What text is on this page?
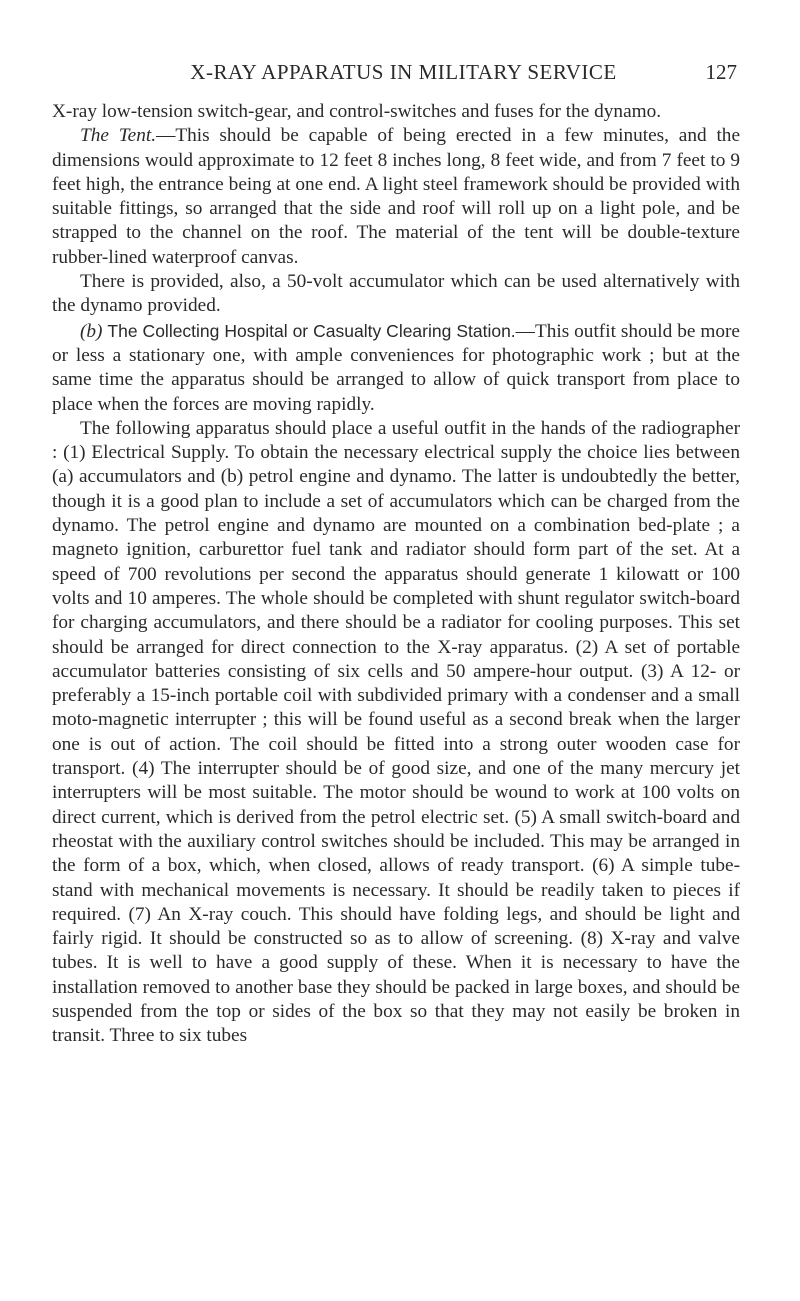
X-RAY APPARATUS IN MILITARY SERVICE	127

X-ray low-tension switch-gear, and control-switches and fuses for the dynamo.

The Tent.—This should be capable of being erected in a few minutes, and the dimensions would approximate to 12 feet 8 inches long, 8 feet wide, and from 7 feet to 9 feet high, the entrance being at one end. A light steel framework should be provided with suitable fittings, so arranged that the side and roof will roll up on a light pole, and be strapped to the channel on the roof. The material of the tent will be double-texture rubber-lined waterproof canvas.

There is provided, also, a 50-volt accumulator which can be used alternatively with the dynamo provided.

(b) The Collecting Hospital or Casualty Clearing Station.—This outfit should be more or less a stationary one, with ample conveniences for photographic work ; but at the same time the apparatus should be arranged to allow of quick transport from place to place when the forces are moving rapidly.

The following apparatus should place a useful outfit in the hands of the radiographer : (1) Electrical Supply. To obtain the necessary electrical supply the choice lies between (a) accumulators and (b) petrol engine and dynamo. The latter is undoubtedly the better, though it is a good plan to include a set of accumulators which can be charged from the dynamo. The petrol engine and dynamo are mounted on a combination bed-plate ; a magneto ignition, carburettor fuel tank and radiator should form part of the set. At a speed of 700 revolutions per second the apparatus should generate 1 kilowatt or 100 volts and 10 amperes. The whole should be completed with shunt regulator switch-board for charging accumulators, and there should be a radiator for cooling purposes. This set should be arranged for direct connection to the X-ray apparatus. (2) A set of portable accumulator batteries consisting of six cells and 50 ampere-hour output. (3) A 12- or preferably a 15-inch portable coil with subdivided primary with a condenser and a small moto-magnetic interrupter ; this will be found useful as a second break when the larger one is out of action. The coil should be fitted into a strong outer wooden case for transport. (4) The interrupter should be of good size, and one of the many mercury jet interrupters will be most suitable. The motor should be wound to work at 100 volts on direct current, which is derived from the petrol electric set. (5) A small switch-board and rheostat with the auxiliary control switches should be included. This may be arranged in the form of a box, which, when closed, allows of ready transport. (6) A simple tube-stand with mechanical movements is necessary. It should be readily taken to pieces if required. (7) An X-ray couch. This should have folding legs, and should be light and fairly rigid. It should be constructed so as to allow of screening. (8) X-ray and valve tubes. It is well to have a good supply of these. When it is necessary to have the installation removed to another base they should be packed in large boxes, and should be suspended from the top or sides of the box so that they may not easily be broken in transit. Three to six tubes
